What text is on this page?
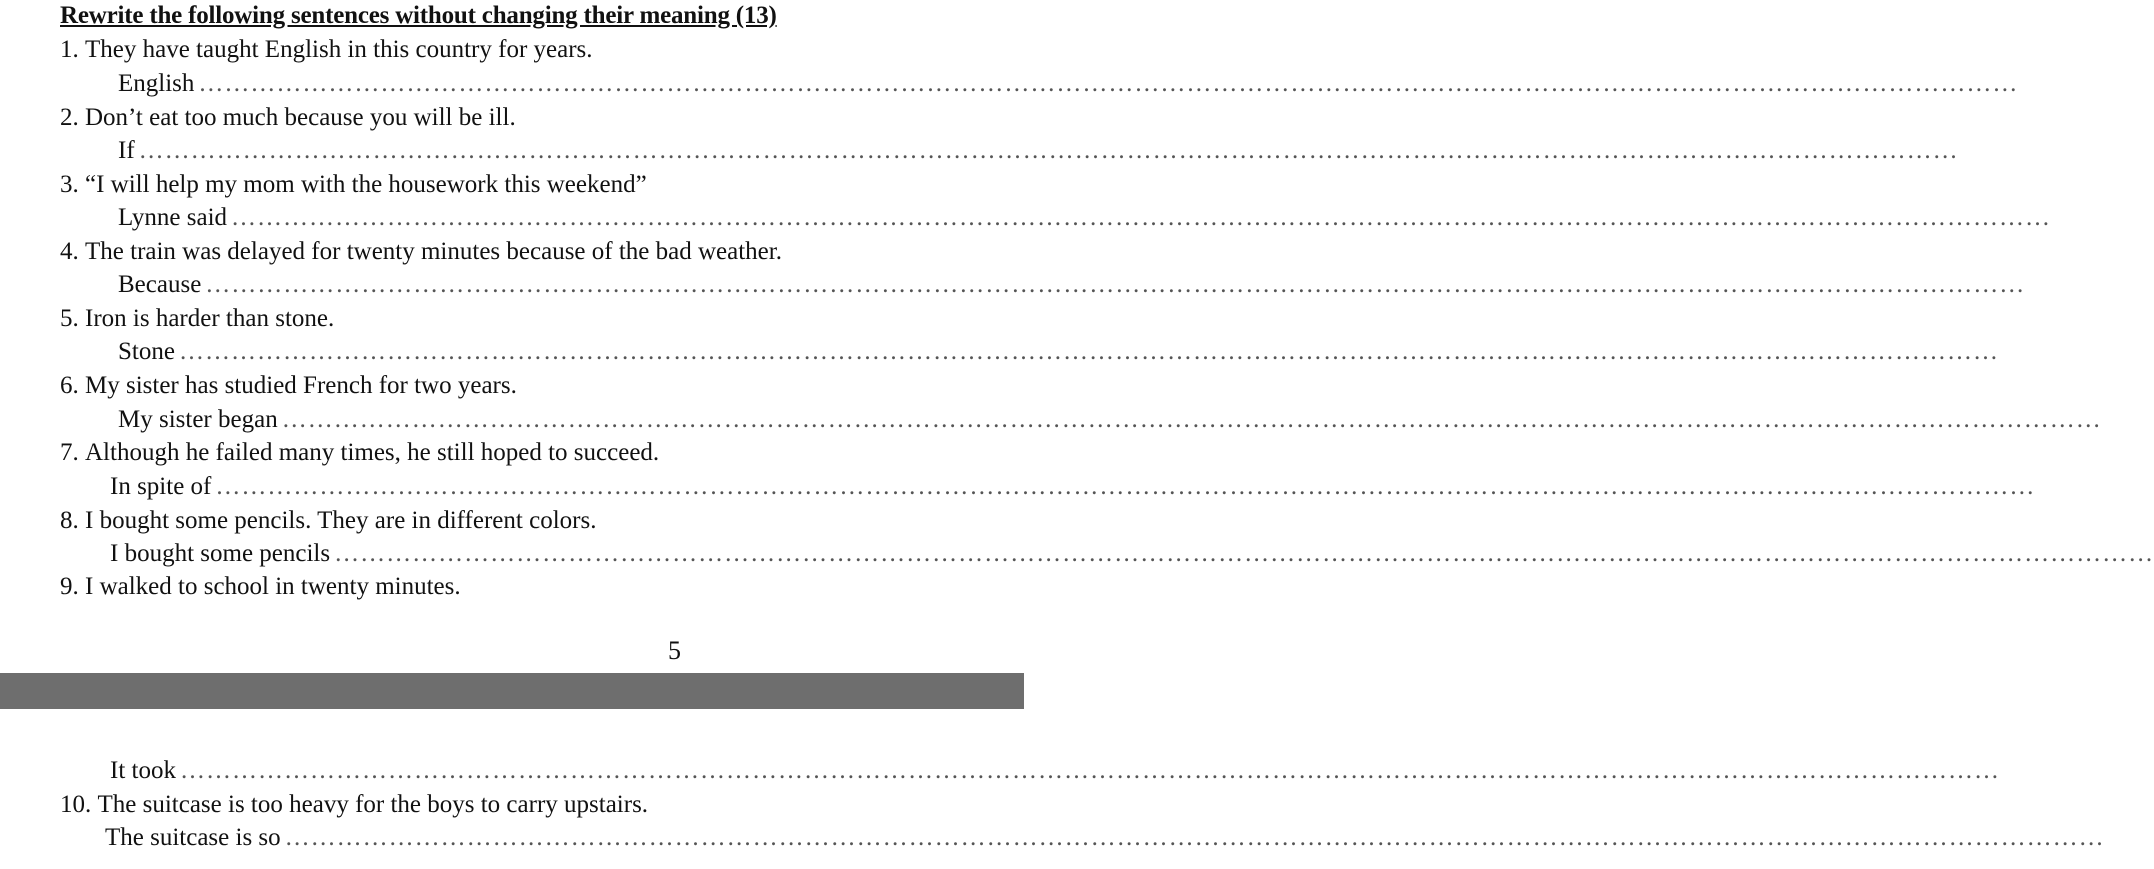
Rewrite the following sentences without changing their meaning (13)
1.
They have taught English in this country for years.
English …………………………………………………………………………………………………………………………………………………………………………………………
2.
Don’t eat too much because you will be ill.
If …………………………………………………………………………………………………………………………………………………………………………………………
3.
“I will help my mom with the housework this weekend”
Lynne said …………………………………………………………………………………………………………………………………………………………………………………………
4.
The train was delayed for twenty minutes because of the bad weather.
Because …………………………………………………………………………………………………………………………………………………………………………………………
5.
Iron is harder than stone.
Stone …………………………………………………………………………………………………………………………………………………………………………………………
6.
My sister has studied French for two years.
My sister began …………………………………………………………………………………………………………………………………………………………………………………………
7.
Although he failed many times, he still hoped to succeed.
In spite of …………………………………………………………………………………………………………………………………………………………………………………………
8.
I bought some pencils. They are in different colors.
I bought some pencils …………………………………………………………………………………………………………………………………………………………………………………………
9.
I walked to school in twenty minutes.
5
It took …………………………………………………………………………………………………………………………………………………………………………………………
10.
The suitcase is too heavy for the boys to carry upstairs.
The suitcase is so …………………………………………………………………………………………………………………………………………………………………………………………
